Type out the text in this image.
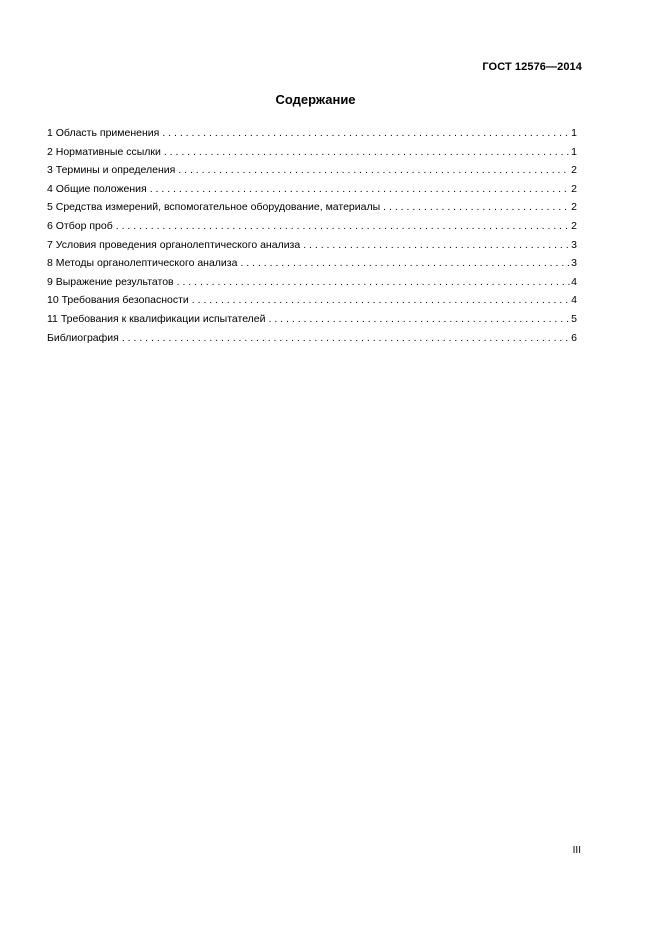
ГОСТ 12576—2014
Содержание
1 Область применения . . .	1
2 Нормативные ссылки . . .	1
3 Термины и определения . . .	2
4 Общие положения . . .	2
5 Средства измерений, вспомогательное оборудование, материалы . . .	2
6 Отбор проб . . .	2
7 Условия проведения органолептического анализа . . .	3
8 Методы органолептического анализа . . .	3
9 Выражение результатов . . .	4
10 Требования безопасности . . .	4
11 Требования к квалификации испытателей . . .	5
Библиография . . .	6
III
